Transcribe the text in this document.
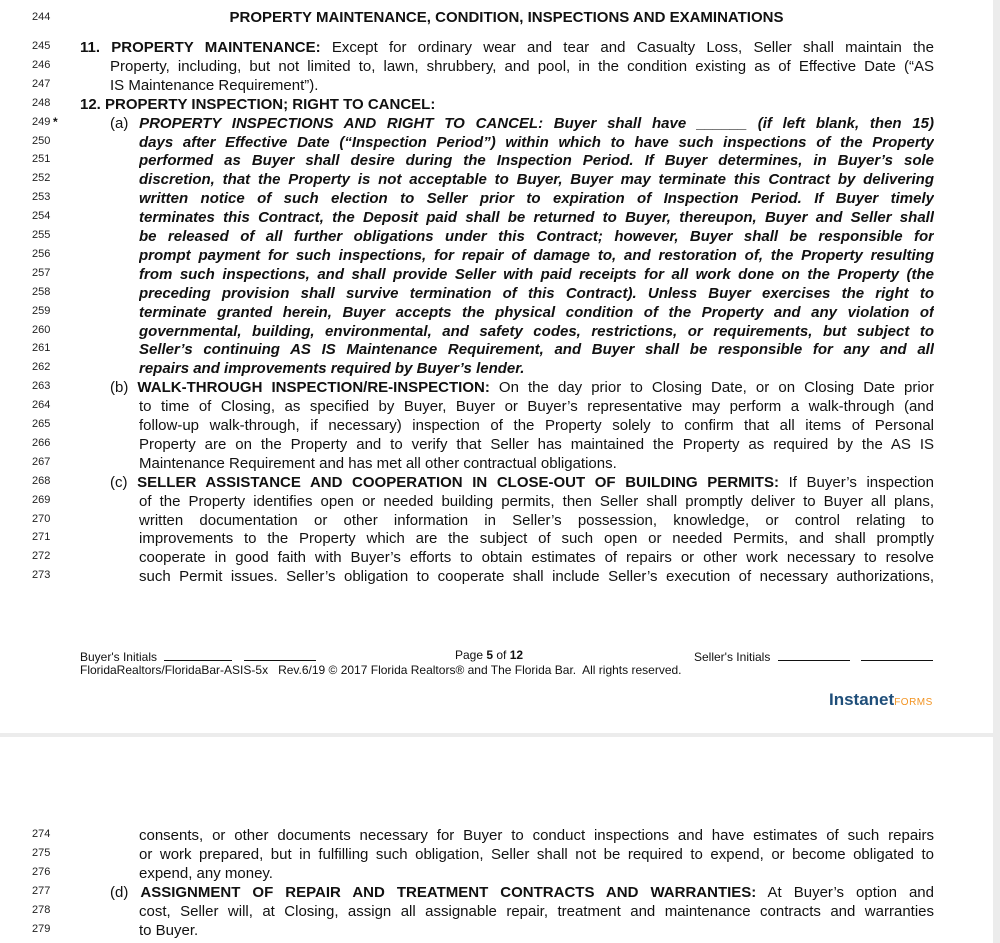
244	PROPERTY MAINTENANCE, CONDITION, INSPECTIONS AND EXAMINATIONS
245 11. PROPERTY MAINTENANCE: Except for ordinary wear and tear and Casualty Loss, Seller shall maintain the
246	Property, including, but not limited to, lawn, shrubbery, and pool, in the condition existing as of Effective Date (“AS
247	IS Maintenance Requirement”).
248 12. PROPERTY INSPECTION; RIGHT TO CANCEL:
249 *	(a) PROPERTY INSPECTIONS AND RIGHT TO CANCEL: Buyer shall have ______ (if left blank, then 15)
250	days after Effective Date (“Inspection Period”) within which to have such inspections of the Property
251	performed as Buyer shall desire during the Inspection Period. If Buyer determines, in Buyer’s sole
252	discretion, that the Property is not acceptable to Buyer, Buyer may terminate this Contract by delivering
253	written notice of such election to Seller prior to expiration of Inspection Period. If Buyer timely
254	terminates this Contract, the Deposit paid shall be returned to Buyer, thereupon, Buyer and Seller shall
255	be released of all further obligations under this Contract; however, Buyer shall be responsible for
256	prompt payment for such inspections, for repair of damage to, and restoration of, the Property resulting
257	from such inspections, and shall provide Seller with paid receipts for all work done on the Property (the
258	preceding provision shall survive termination of this Contract). Unless Buyer exercises the right to
259	terminate granted herein, Buyer accepts the physical condition of the Property and any violation of
260	governmental, building, environmental, and safety codes, restrictions, or requirements, but subject to
261	Seller’s continuing AS IS Maintenance Requirement, and Buyer shall be responsible for any and all
262	repairs and improvements required by Buyer’s lender.
263	(b) WALK-THROUGH INSPECTION/RE-INSPECTION: On the day prior to Closing Date, or on Closing Date prior
264	to time of Closing, as specified by Buyer, Buyer or Buyer’s representative may perform a walk-through (and
265	follow-up walk-through, if necessary) inspection of the Property solely to confirm that all items of Personal
266	Property are on the Property and to verify that Seller has maintained the Property as required by the AS IS
267	Maintenance Requirement and has met all other contractual obligations.
268	(c) SELLER ASSISTANCE AND COOPERATION IN CLOSE-OUT OF BUILDING PERMITS: If Buyer’s inspection
269	of the Property identifies open or needed building permits, then Seller shall promptly deliver to Buyer all plans,
270	written documentation or other information in Seller’s possession, knowledge, or control relating to
271	improvements to the Property which are the subject of such open or needed Permits, and shall promptly
272	cooperate in good faith with Buyer’s efforts to obtain estimates of repairs or other work necessary to resolve
273	such Permit issues. Seller’s obligation to cooperate shall include Seller’s execution of necessary authorizations,
Buyer's Initials	Page 5 of 12	Seller's Initials
FloridaRealtors/FloridaBar-ASIS-5x   Rev.6/19 © 2017 Florida Realtors® and The Florida Bar.  All rights reserved.
InstanetFORMS
274	consents, or other documents necessary for Buyer to conduct inspections and have estimates of such repairs
275	or work prepared, but in fulfilling such obligation, Seller shall not be required to expend, or become obligated to
276	expend, any money.
277	(d) ASSIGNMENT OF REPAIR AND TREATMENT CONTRACTS AND WARRANTIES: At Buyer’s option and
278	cost, Seller will, at Closing, assign all assignable repair, treatment and maintenance contracts and warranties
279	to Buyer.
